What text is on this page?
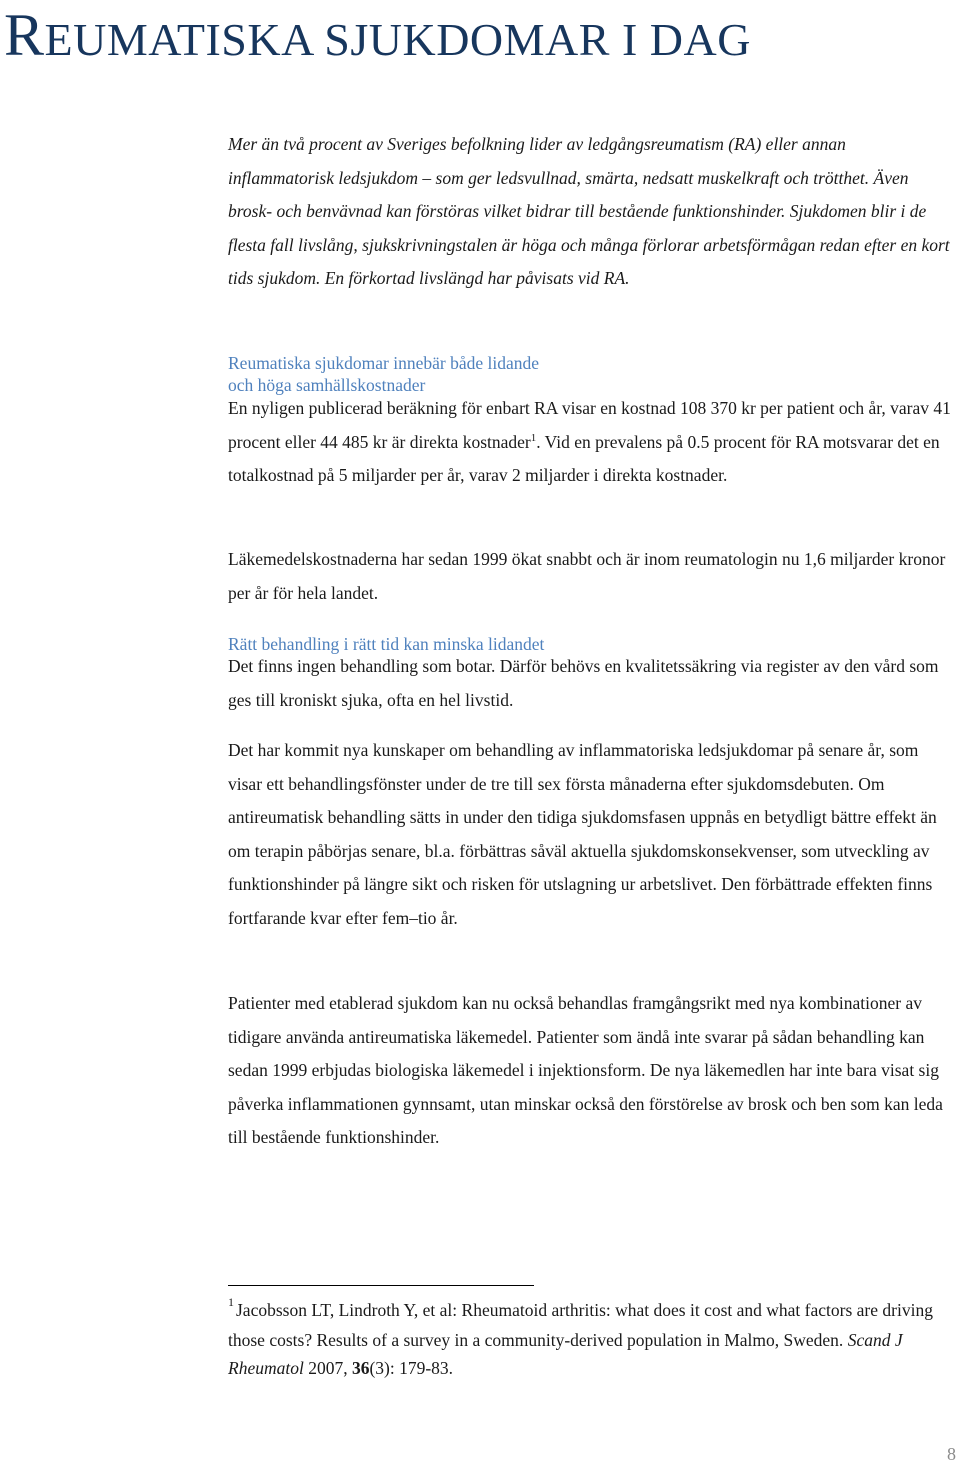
REUMATISKA SJUKDOMAR I DAG

Mer än två procent av Sveriges befolkning lider av ledgångsreumatism (RA) eller annan inflammatorisk ledsjukdom – som ger ledsvullnad, smärta, nedsatt muskelkraft och trötthet. Även brosk- och benvävnad kan förstöras vilket bidrar till bestående funktionshinder. Sjukdomen blir i de flesta fall livslång, sjukskrivningstalen är höga och många förlorar arbetsförmågan redan efter en kort tids sjukdom. En förkortad livslängd har påvisats vid RA.

Reumatiska sjukdomar innebär både lidande
och höga samhällskostnader

En nyligen publicerad beräkning för enbart RA visar en kostnad 108 370 kr per patient och år, varav 41 procent eller 44 485 kr är direkta kostnader$^1$. Vid en prevalens på 0.5 procent för RA motsvarar det en totalkostnad på 5 miljarder per år, varav 2 miljarder i direkta kostnader.

Läkemedelskostnaderna har sedan 1999 ökat snabbt och är inom reumatologin nu 1,6 miljarder kronor per år för hela landet.

Rätt behandling i rätt tid kan minska lidandet

Det finns ingen behandling som botar. Därför behövs en kvalitetssäkring via register av den vård som ges till kroniskt sjuka, ofta en hel livstid.

Det har kommit nya kunskaper om behandling av inflammatoriska ledsjukdomar på senare år, som visar ett behandlingsfönster under de tre till sex första månaderna efter sjukdomsdebuten. Om antireumatisk behandling sätts in under den tidiga sjukdomsfasen uppnås en betydligt bättre effekt än om terapin påbörjas senare, bl.a. förbättras såväl aktuella sjukdomskonsekvenser, som utveckling av funktionshinder på längre sikt och risken för utslagning ur arbetslivet. Den förbättrade effekten finns fortfarande kvar efter fem–tio år.

Patienter med etablerad sjukdom kan nu också behandlas framgångsrikt med nya kombinationer av tidigare använda antireumatiska läkemedel. Patienter som ändå inte svarar på sådan behandling kan sedan 1999 erbjudas biologiska läkemedel i injektionsform. De nya läkemedlen har inte bara visat sig påverka inflammationen gynnsamt, utan minskar också den förstörelse av brosk och ben som kan leda till bestående funktionshinder.

$^1$ Jacobsson LT, Lindroth Y, et al: Rheumatoid arthritis: what does it cost and what factors are driving those costs? Results of a survey in a community-derived population in Malmo, Sweden. Scand J Rheumatol 2007, 36(3): 179-83.

8
